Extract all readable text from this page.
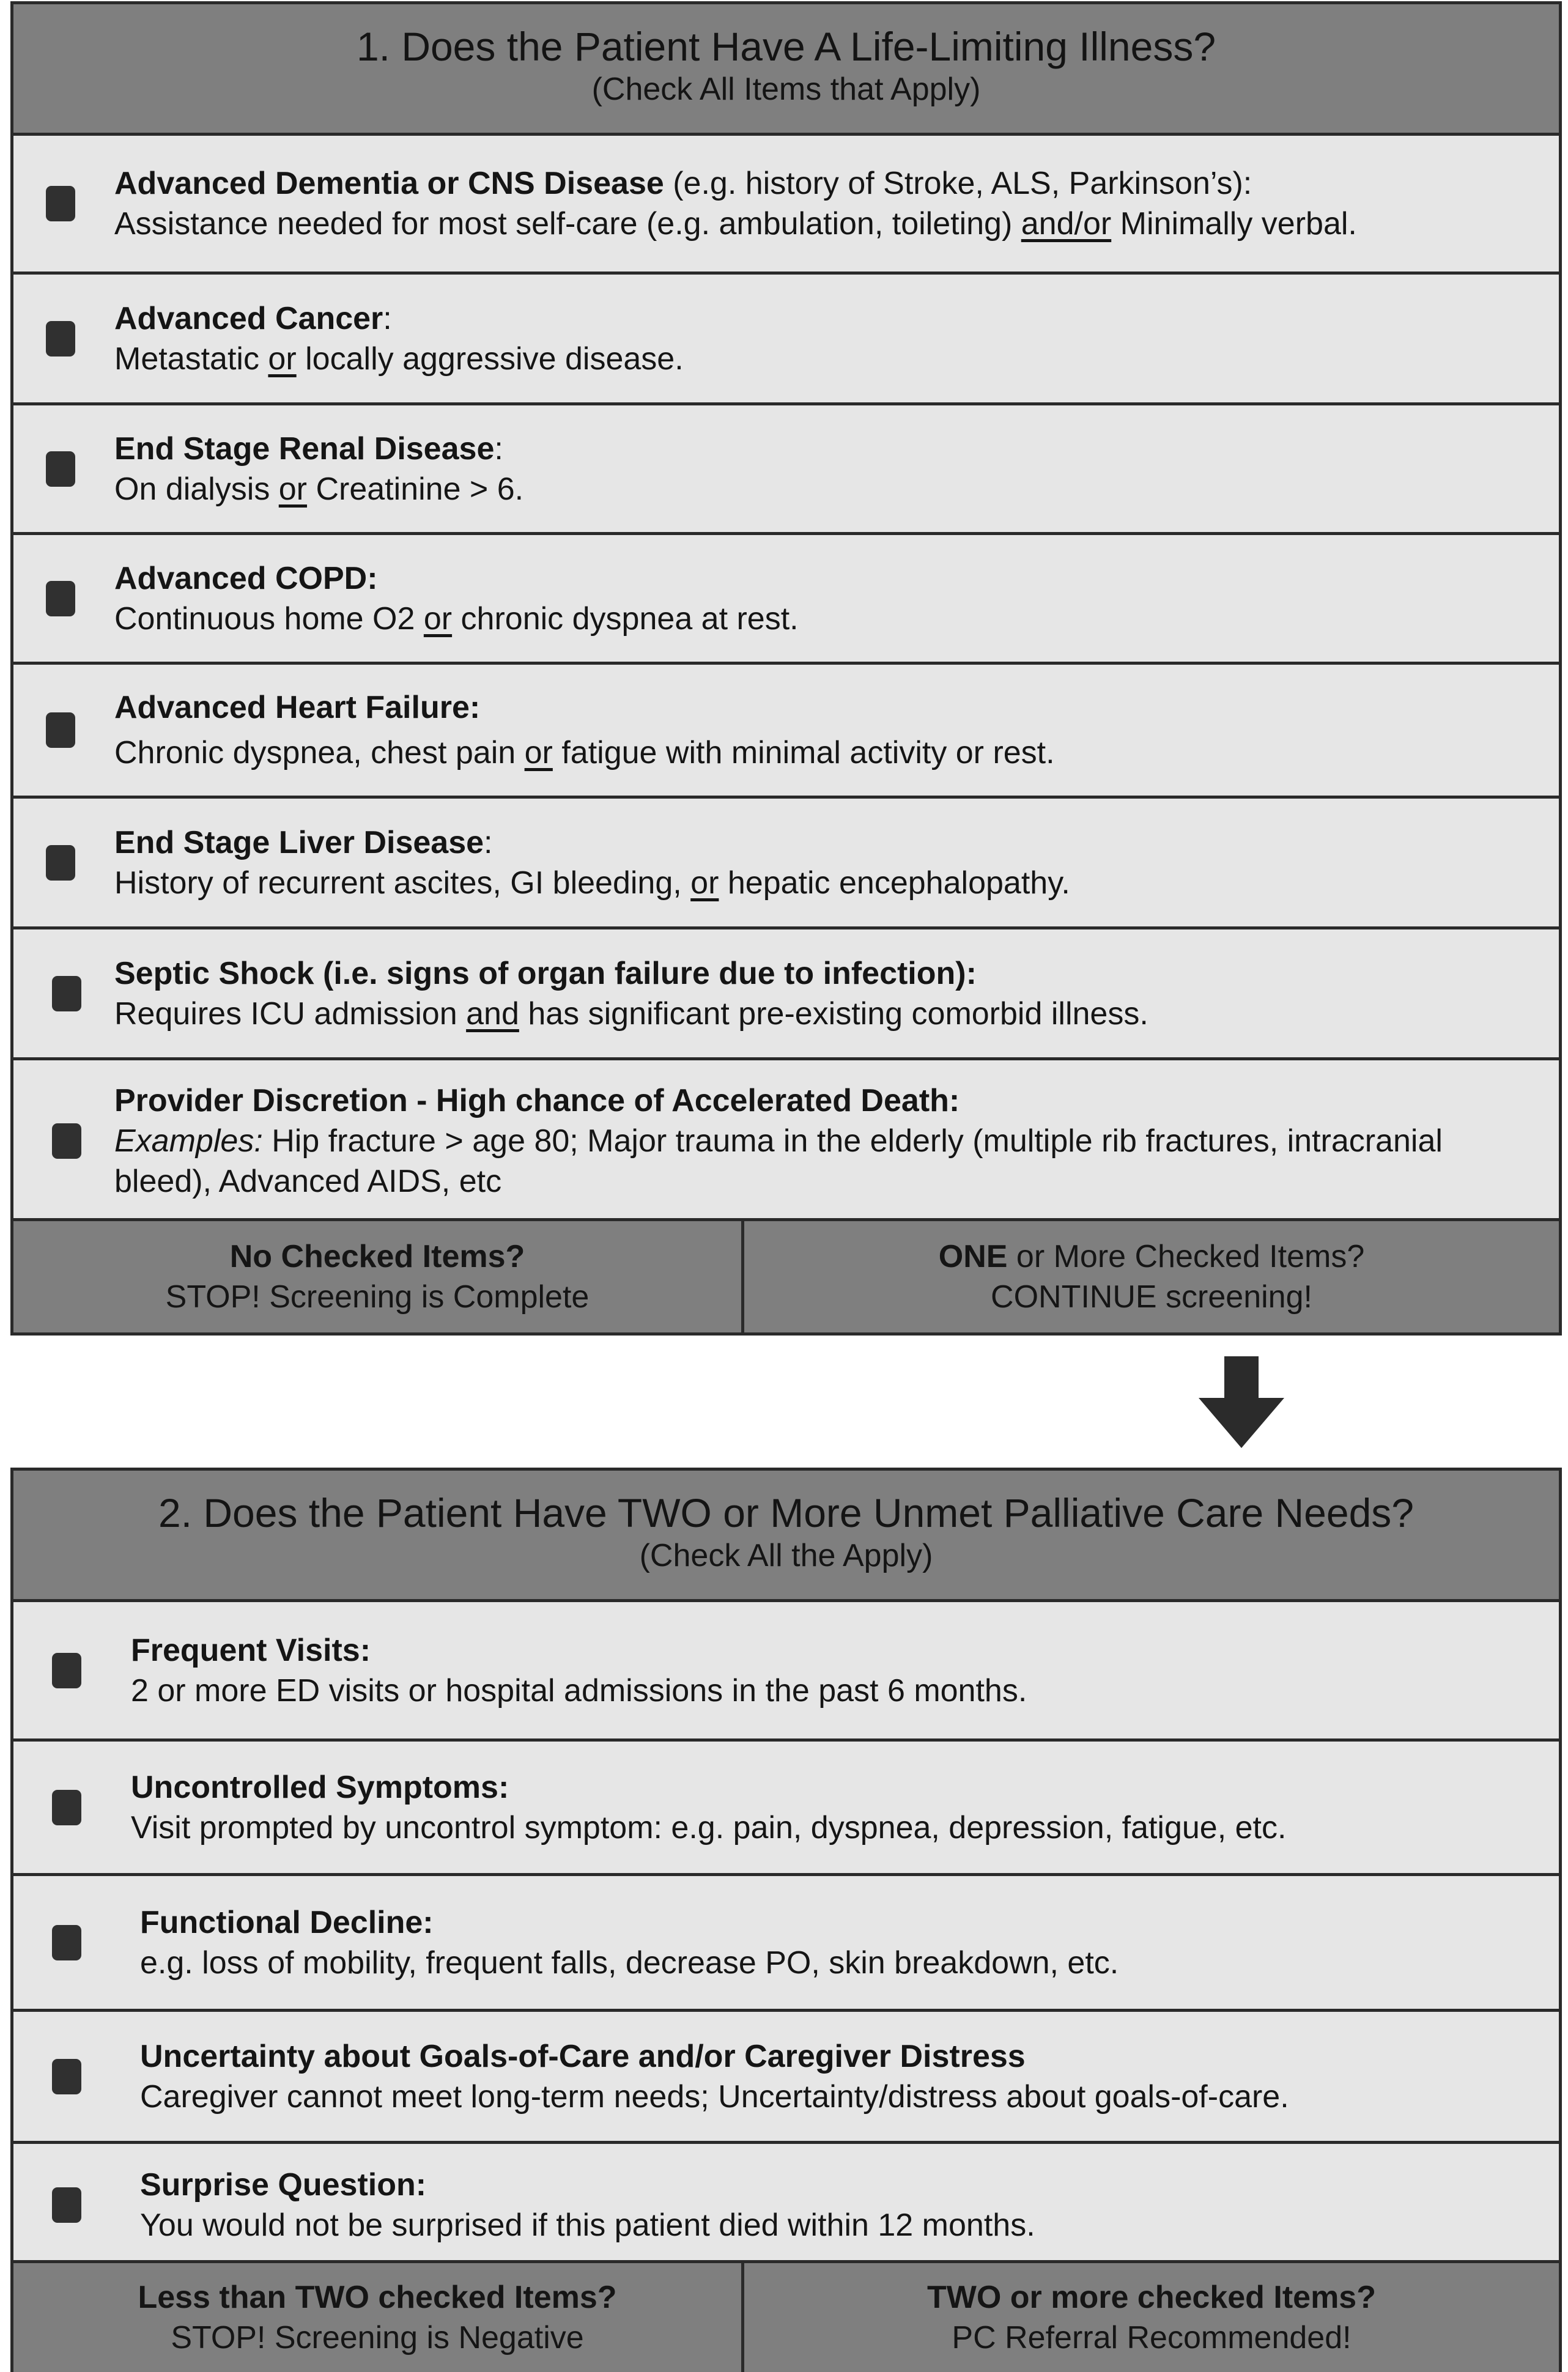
1. Does the Patient Have A Life-Limiting Illness?
(Check All Items that Apply)
Advanced Dementia or CNS Disease (e.g. history of Stroke, ALS, Parkinson’s):
Assistance needed for most self-care (e.g. ambulation, toileting) and/or Minimally verbal.
Advanced Cancer:
Metastatic or locally aggressive disease.
End Stage Renal Disease:
On dialysis or Creatinine > 6.
Advanced COPD:
Continuous home O2 or chronic dyspnea at rest.
Advanced Heart Failure:
Chronic dyspnea, chest pain or fatigue with minimal activity or rest.
End Stage Liver Disease:
History of recurrent ascites, GI bleeding, or hepatic encephalopathy.
Septic Shock (i.e. signs of organ failure due to infection):
Requires ICU admission and has significant pre-existing comorbid illness.
Provider Discretion - High chance of Accelerated Death:
Examples: Hip fracture > age 80; Major trauma in the elderly (multiple rib fractures, intracranial bleed), Advanced AIDS, etc
No Checked Items?
STOP! Screening is Complete
ONE or More Checked Items?
CONTINUE screening!
2. Does the Patient Have TWO or More Unmet Palliative Care Needs?
(Check All the Apply)
Frequent Visits:
2 or more ED visits or hospital admissions in the past 6 months.
Uncontrolled Symptoms:
Visit prompted by uncontrol symptom: e.g. pain, dyspnea, depression, fatigue, etc.
Functional Decline:
e.g. loss of mobility, frequent falls, decrease PO, skin breakdown, etc.
Uncertainty about Goals-of-Care and/or Caregiver Distress
Caregiver cannot meet long-term needs; Uncertainty/distress about goals-of-care.
Surprise Question:
You would not be surprised if this patient died within 12 months.
Less than TWO checked Items?
STOP! Screening is Negative
TWO or more checked Items?
PC Referral Recommended!
